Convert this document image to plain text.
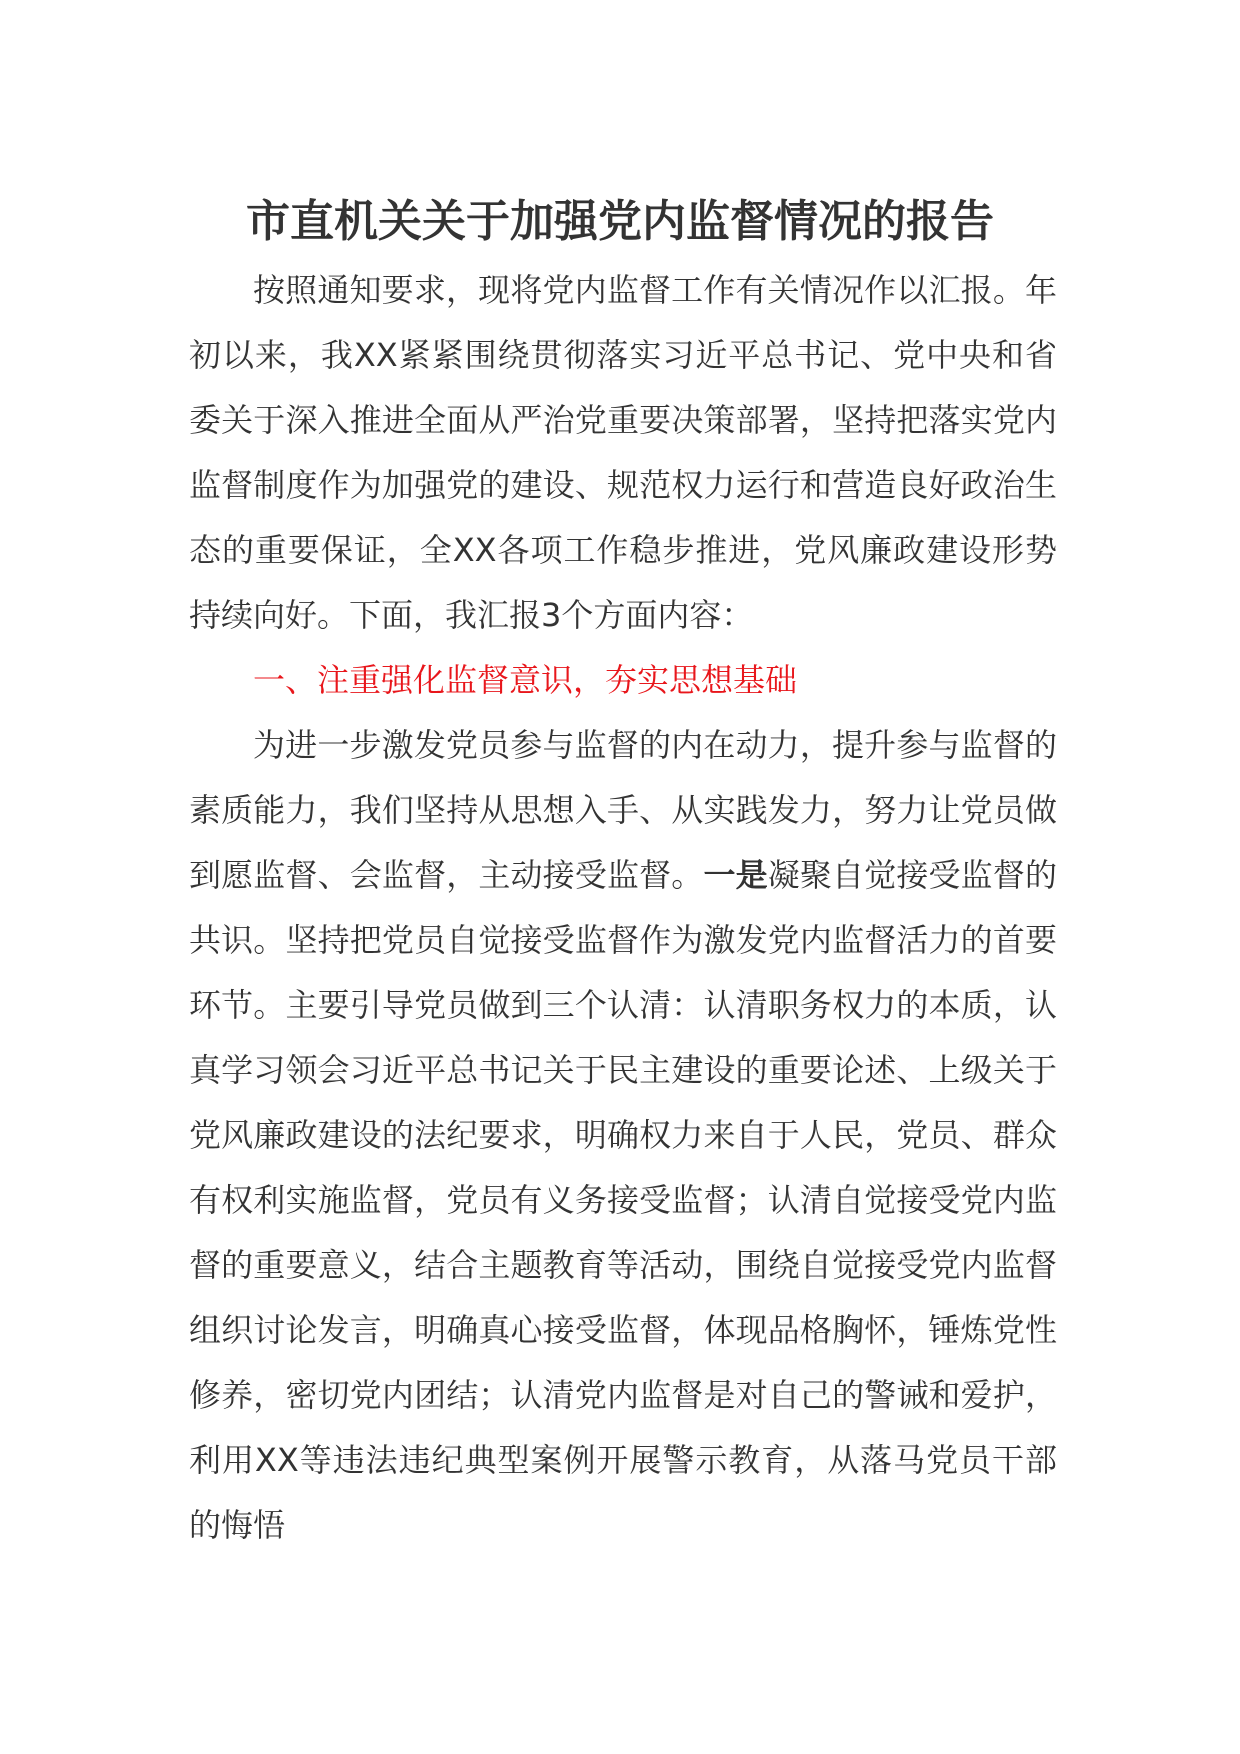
市直机关关于加强党内监督情况的报告

按照通知要求，现将党内监督工作有关情况作以汇报。年初以来，我XX紧紧围绕贯彻落实习近平总书记、党中央和省委关于深入推进全面从严治党重要决策部署，坚持把落实党内监督制度作为加强党的建设、规范权力运行和营造良好政治生态的重要保证，全XX各项工作稳步推进，党风廉政建设形势持续向好。下面，我汇报3个方面内容：

一、注重强化监督意识，夯实思想基础

为进一步激发党员参与监督的内在动力，提升参与监督的素质能力，我们坚持从思想入手、从实践发力，努力让党员做到愿监督、会监督，主动接受监督。一是凝聚自觉接受监督的共识。坚持把党员自觉接受监督作为激发党内监督活力的首要环节。主要引导党员做到三个认清：认清职务权力的本质，认真学习领会习近平总书记关于民主建设的重要论述、上级关于党风廉政建设的法纪要求，明确权力来自于人民，党员、群众有权利实施监督，党员有义务接受监督；认清自觉接受党内监督的重要意义，结合主题教育等活动，围绕自觉接受党内监督组织讨论发言，明确真心接受监督，体现品格胸怀，锤炼党性修养，密切党内团结；认清党内监督是对自己的警诫和爱护，利用XX等违法违纪典型案例开展警示教育，从落马党员干部的悔悟
